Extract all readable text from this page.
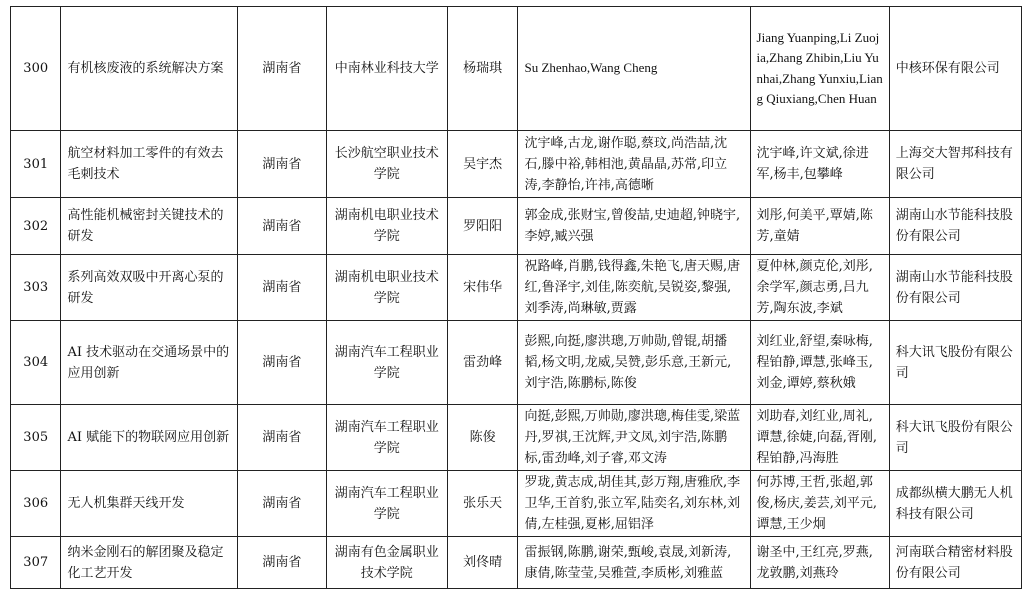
300	有机核废液的系统解决方案	湖南省	中南林业科技大学	杨瑞琪	Su Zhenhao,Wang Cheng	Jiang Yuanping,Li Zuojia,Zhang Zhibin,Liu Yunhai,Zhang Yunxiu,Liang Qiuxiang,Chen Huan	中核环保有限公司
301	航空材料加工零件的有效去毛刺技术	湖南省	长沙航空职业技术学院	吴宇杰	沈宇峰,古龙,谢作聪,蔡玟,尚浩喆,沈石,滕中裕,韩相池,黄晶晶,苏常,印立涛,李静怡,许祎,高德晰	沈宇峰,许文斌,徐进军,杨丰,包攀峰	上海交大智邦科技有限公司
302	高性能机械密封关键技术的研发	湖南省	湖南机电职业技术学院	罗阳阳	郭金成,张财宝,曾俊喆,史迪超,钟晓宇,李婷,臧兴强	刘彤,何美平,覃婧,陈芳,童婧	湖南山水节能科技股份有限公司
303	系列高效双吸中开离心泵的研发	湖南省	湖南机电职业技术学院	宋伟华	祝路峰,肖鹏,钱得鑫,朱艳飞,唐天赐,唐红,鲁泽宇,刘佳,陈奕航,吴锐姿,黎强,刘季涛,尚琳敏,贾露	夏仲林,颜克伦,刘彤,余学军,颜志勇,吕九芳,陶东波,李斌	湖南山水节能科技股份有限公司
304	AI 技术驱动在交通场景中的应用创新	湖南省	湖南汽车工程职业学院	雷劲峰	彭熙,向挺,廖洪璁,万帅勋,曾锟,胡播韬,杨文明,龙威,吴赞,彭乐意,王新元,刘宇浩,陈鹏标,陈俊	刘红业,舒望,秦咏梅,程铂静,谭慧,张峰玉,刘金,谭婷,蔡秋娥	科大讯飞股份有限公司
305	AI 赋能下的物联网应用创新	湖南省	湖南汽车工程职业学院	陈俊	向挺,彭熙,万帅勋,廖洪璁,梅佳雯,梁蓝丹,罗祺,王沈辉,尹文凤,刘宇浩,陈鹏标,雷劲峰,刘子睿,邓文涛	刘助春,刘红业,周礼,谭慧,徐婕,向磊,胥刚,程铂静,冯海胜	科大讯飞股份有限公司
306	无人机集群天线开发	湖南省	湖南汽车工程职业学院	张乐天	罗珑,黄志成,胡佳其,彭万翔,唐雅欣,李卫华,王首豹,张立军,陆奕名,刘东林,刘倩,左桂强,夏彬,屈铝泽	何苏博,王哲,张超,郭俊,杨庆,姜芸,刘平元,谭慧,王少炯	成都纵横大鹏无人机科技有限公司
307	纳米金刚石的解团聚及稳定化工艺开发	湖南省	湖南有色金属职业技术学院	刘佟晴	雷振钢,陈鹏,谢荣,甄峻,袁晟,刘新涛,康倩,陈莹莹,吴雅萱,李质彬,刘雅蓝	谢圣中,王红亮,罗燕,龙敦鹏,刘燕玲	河南联合精密材料股份有限公司
